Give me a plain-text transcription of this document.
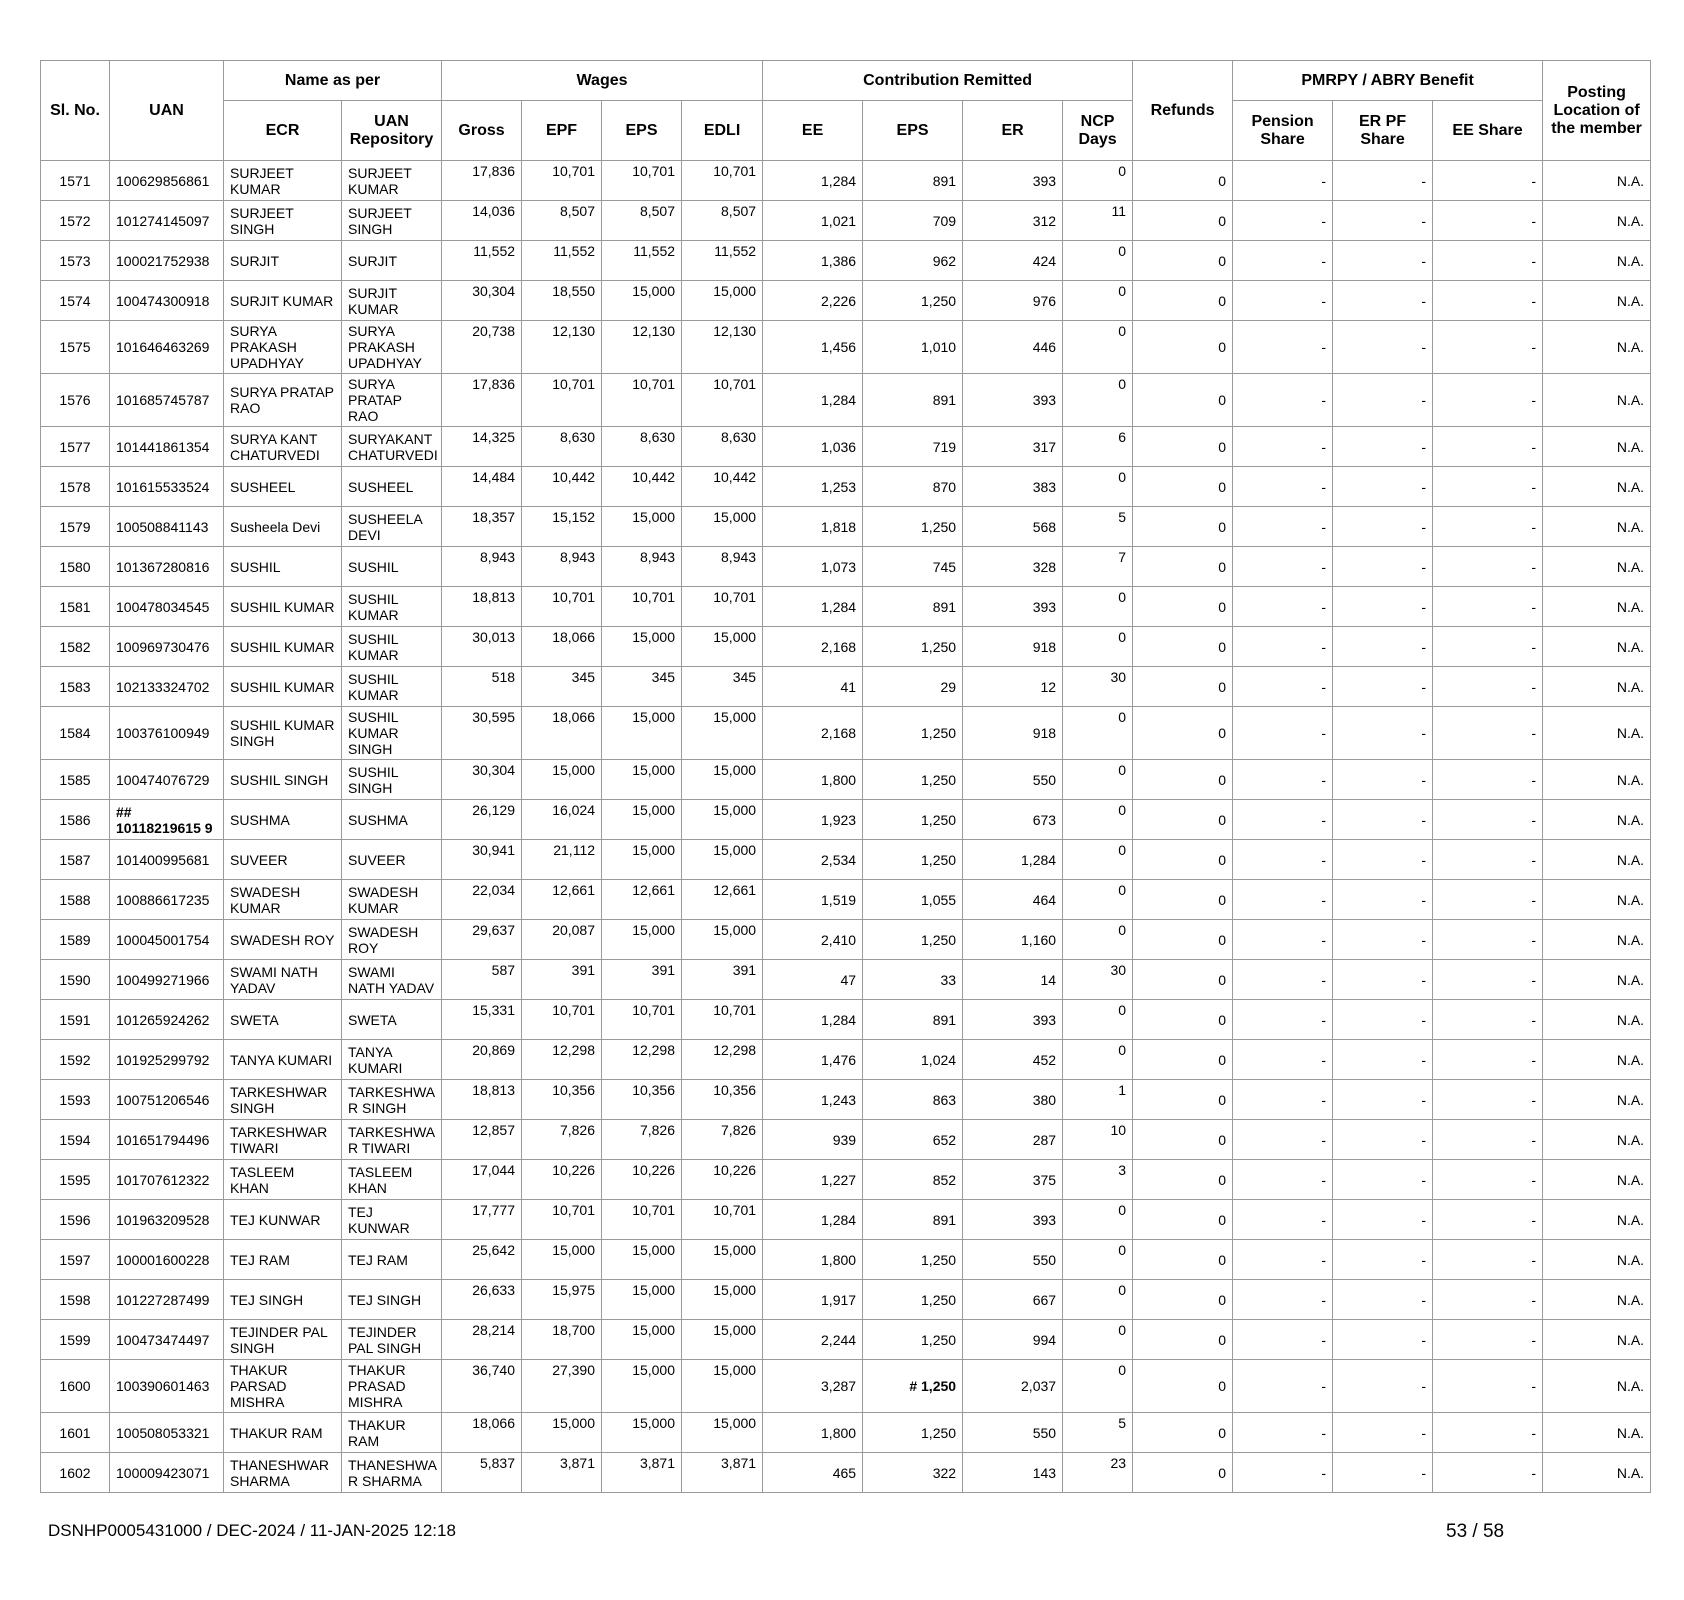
Sl. No.	UAN	Name as per		Wages				Contribution Remitted				Refunds	PMRPY / ABRY Benefit			Posting Location of the member
		ECR	UAN Repository	Gross	EPF	EPS	EDLI	EE	EPS	ER	NCP Days		Pension Share	ER PF Share	EE Share	
1571	100629856861	SURJEET KUMAR	SURJEET KUMAR	17,836	10,701	10,701	10,701	1,284	891	393	0	0	-	-	-	N.A.
1572	101274145097	SURJEET SINGH	SURJEET SINGH	14,036	8,507	8,507	8,507	1,021	709	312	11	0	-	-	-	N.A.
1573	100021752938	SURJIT	SURJIT	11,552	11,552	11,552	11,552	1,386	962	424	0	0	-	-	-	N.A.
1574	100474300918	SURJIT KUMAR	SURJIT KUMAR	30,304	18,550	15,000	15,000	2,226	1,250	976	0	0	-	-	-	N.A.
1575	101646463269	SURYA PRAKASH UPADHYAY	SURYA PRAKASH UPADHYAY	20,738	12,130	12,130	12,130	1,456	1,010	446	0	0	-	-	-	N.A.
1576	101685745787	SURYA PRATAP RAO	SURYA PRATAP RAO	17,836	10,701	10,701	10,701	1,284	891	393	0	0	-	-	-	N.A.
1577	101441861354	SURYA KANT CHATURVEDI	SURYAKANT CHATURVEDI	14,325	8,630	8,630	8,630	1,036	719	317	6	0	-	-	-	N.A.
1578	101615533524	SUSHEEL	SUSHEEL	14,484	10,442	10,442	10,442	1,253	870	383	0	0	-	-	-	N.A.
1579	100508841143	Susheela Devi	SUSHEELA DEVI	18,357	15,152	15,000	15,000	1,818	1,250	568	5	0	-	-	-	N.A.
1580	101367280816	SUSHIL	SUSHIL	8,943	8,943	8,943	8,943	1,073	745	328	7	0	-	-	-	N.A.
1581	100478034545	SUSHIL KUMAR	SUSHIL KUMAR	18,813	10,701	10,701	10,701	1,284	891	393	0	0	-	-	-	N.A.
1582	100969730476	SUSHIL KUMAR	SUSHIL KUMAR	30,013	18,066	15,000	15,000	2,168	1,250	918	0	0	-	-	-	N.A.
1583	102133324702	SUSHIL KUMAR	SUSHIL KUMAR	518	345	345	345	41	29	12	30	0	-	-	-	N.A.
1584	100376100949	SUSHIL KUMAR SINGH	SUSHIL KUMAR SINGH	30,595	18,066	15,000	15,000	2,168	1,250	918	0	0	-	-	-	N.A.
1585	100474076729	SUSHIL SINGH	SUSHIL SINGH	30,304	15,000	15,000	15,000	1,800	1,250	550	0	0	-	-	-	N.A.
1586	## 10118219615 9	SUSHMA	SUSHMA	26,129	16,024	15,000	15,000	1,923	1,250	673	0	0	-	-	-	N.A.
1587	101400995681	SUVEER	SUVEER	30,941	21,112	15,000	15,000	2,534	1,250	1,284	0	0	-	-	-	N.A.
1588	100886617235	SWADESH KUMAR	SWADESH KUMAR	22,034	12,661	12,661	12,661	1,519	1,055	464	0	0	-	-	-	N.A.
1589	100045001754	SWADESH ROY	SWADESH ROY	29,637	20,087	15,000	15,000	2,410	1,250	1,160	0	0	-	-	-	N.A.
1590	100499271966	SWAMI NATH YADAV	SWAMI NATH YADAV	587	391	391	391	47	33	14	30	0	-	-	-	N.A.
1591	101265924262	SWETA	SWETA	15,331	10,701	10,701	10,701	1,284	891	393	0	0	-	-	-	N.A.
1592	101925299792	TANYA KUMARI	TANYA KUMARI	20,869	12,298	12,298	12,298	1,476	1,024	452	0	0	-	-	-	N.A.
1593	100751206546	TARKESHWAR SINGH	TARKESHWA R SINGH	18,813	10,356	10,356	10,356	1,243	863	380	1	0	-	-	-	N.A.
1594	101651794496	TARKESHWAR TIWARI	TARKESHWA R TIWARI	12,857	7,826	7,826	7,826	939	652	287	10	0	-	-	-	N.A.
1595	101707612322	TASLEEM KHAN	TASLEEM KHAN	17,044	10,226	10,226	10,226	1,227	852	375	3	0	-	-	-	N.A.
1596	101963209528	TEJ KUNWAR	TEJ KUNWAR	17,777	10,701	10,701	10,701	1,284	891	393	0	0	-	-	-	N.A.
1597	100001600228	TEJ RAM	TEJ RAM	25,642	15,000	15,000	15,000	1,800	1,250	550	0	0	-	-	-	N.A.
1598	101227287499	TEJ SINGH	TEJ SINGH	26,633	15,975	15,000	15,000	1,917	1,250	667	0	0	-	-	-	N.A.
1599	100473474497	TEJINDER PAL SINGH	TEJINDER PAL SINGH	28,214	18,700	15,000	15,000	2,244	1,250	994	0	0	-	-	-	N.A.
1600	100390601463	THAKUR PARSAD MISHRA	THAKUR PRASAD MISHRA	36,740	27,390	15,000	15,000	3,287	# 1,250	2,037	0	0	-	-	-	N.A.
1601	100508053321	THAKUR RAM	THAKUR RAM	18,066	15,000	15,000	15,000	1,800	1,250	550	5	0	-	-	-	N.A.
1602	100009423071	THANESHWAR SHARMA	THANESHWA R SHARMA	5,837	3,871	3,871	3,871	465	322	143	23	0	-	-	-	N.A.
DSNHP0005431000 / DEC-2024 / 11-JAN-2025 12:18	53 / 58
